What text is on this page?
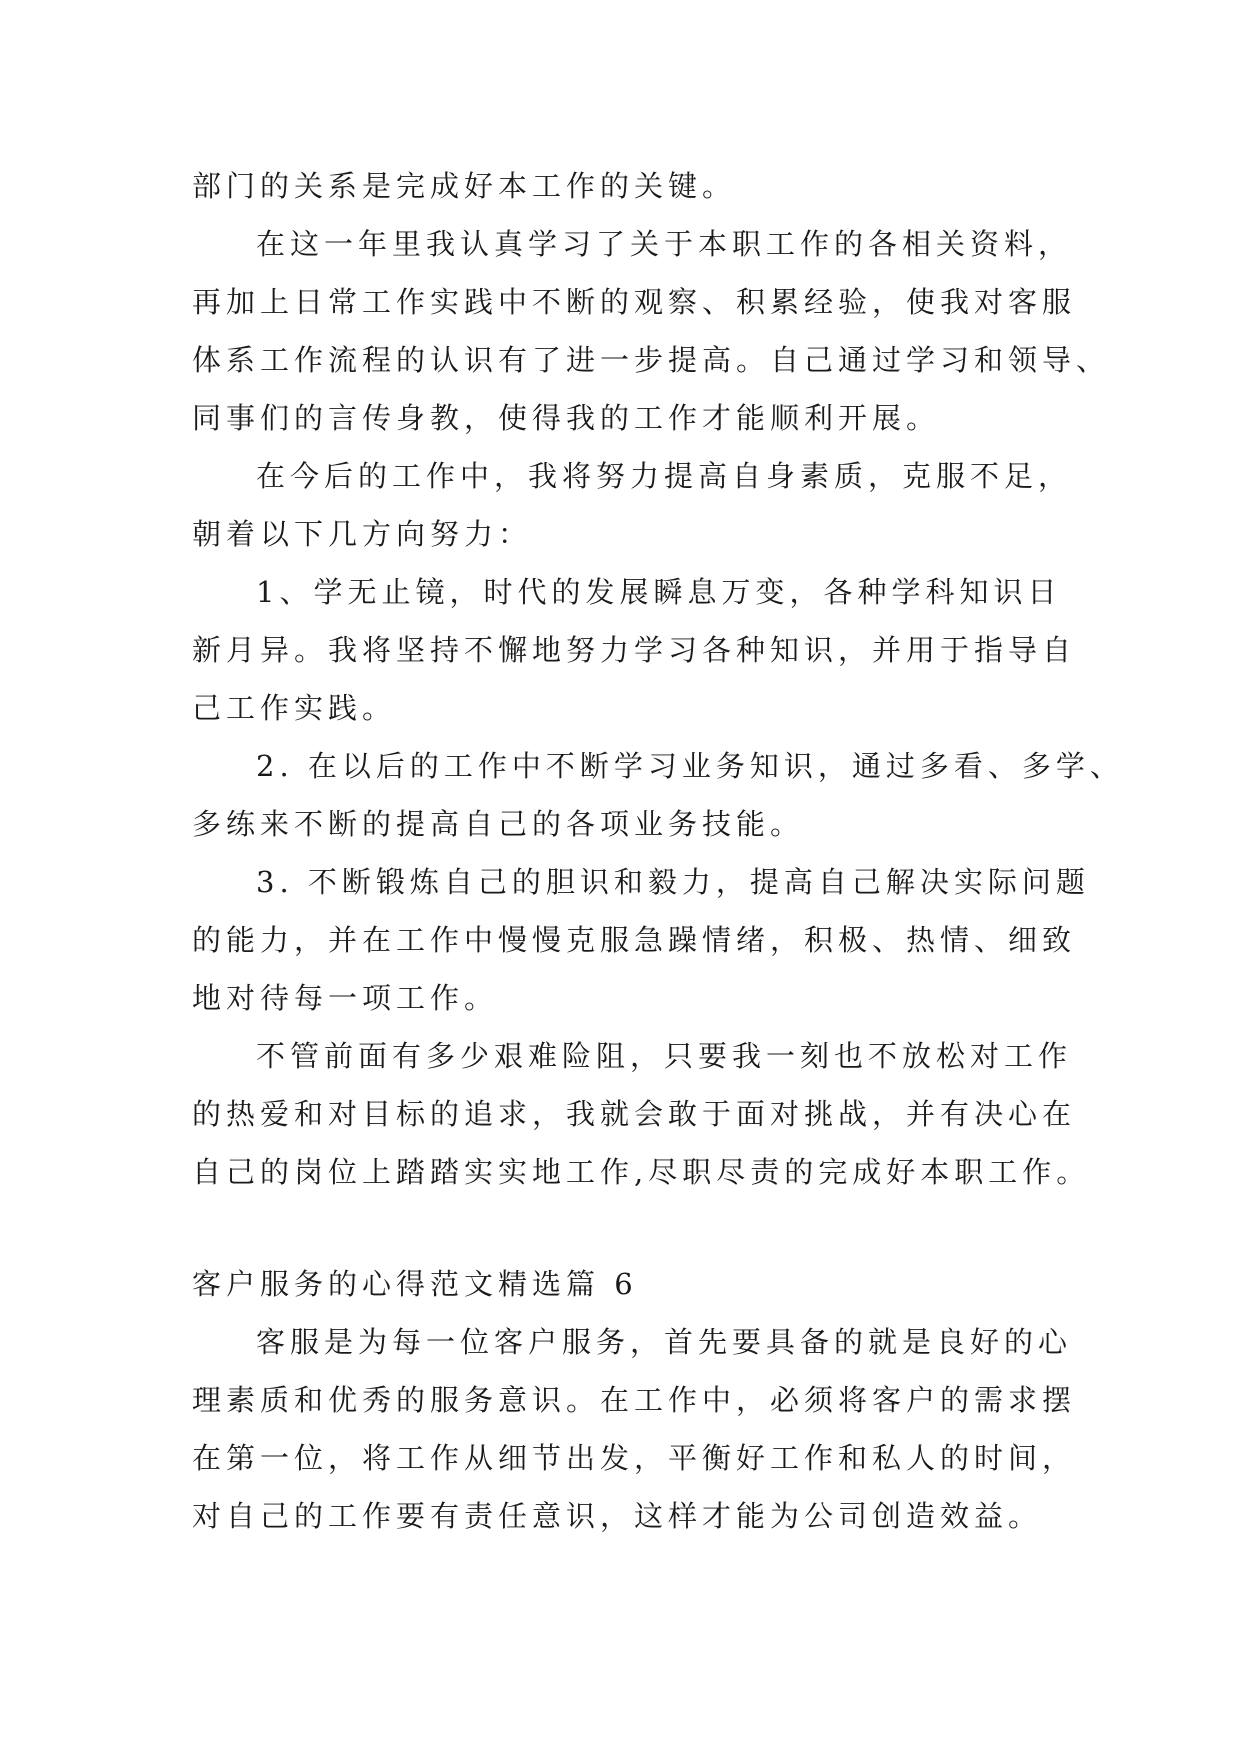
部门的关系是完成好本工作的关键。

在这一年里我认真学习了关于本职工作的各相关资料，

再加上日常工作实践中不断的观察、积累经验，使我对客服

体系工作流程的认识有了进一步提高。自己通过学习和领导、

同事们的言传身教，使得我的工作才能顺利开展。

在今后的工作中，我将努力提高自身素质，克服不足，

朝着以下几方向努力：

1、学无止镜，时代的发展瞬息万变，各种学科知识日

新月异。我将坚持不懈地努力学习各种知识，并用于指导自

己工作实践。

2. 在以后的工作中不断学习业务知识，通过多看、多学、

多练来不断的提高自己的各项业务技能。

3. 不断锻炼自己的胆识和毅力，提高自己解决实际问题

的能力，并在工作中慢慢克服急躁情绪，积极、热情、细致

地对待每一项工作。

不管前面有多少艰难险阻，只要我一刻也不放松对工作

的热爱和对目标的追求，我就会敢于面对挑战，并有决心在

自己的岗位上踏踏实实地工作,尽职尽责的完成好本职工作。

客户服务的心得范文精选篇 6

客服是为每一位客户服务，首先要具备的就是良好的心

理素质和优秀的服务意识。在工作中，必须将客户的需求摆

在第一位，将工作从细节出发，平衡好工作和私人的时间，

对自己的工作要有责任意识，这样才能为公司创造效益。
